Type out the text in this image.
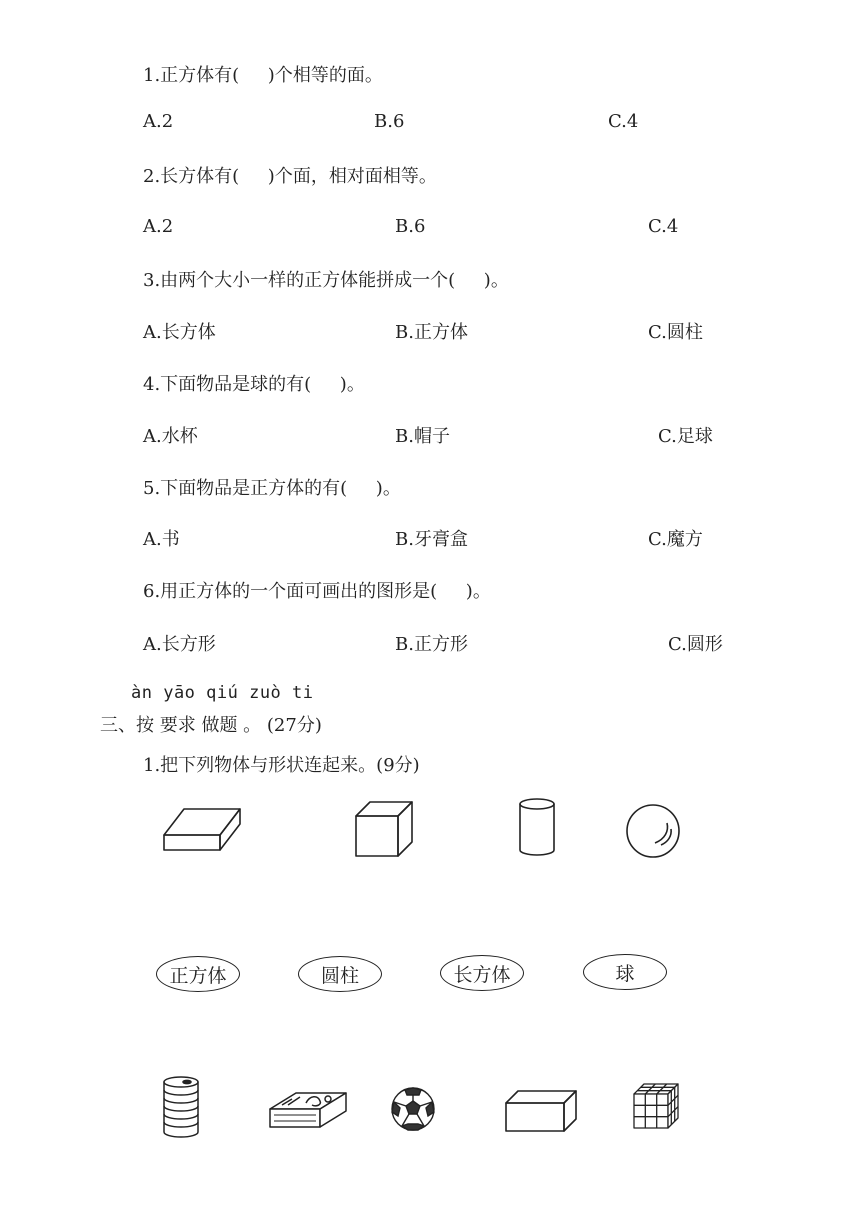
1.正方体有(     )个相等的面。
A.2	B.6	C.4
2.长方体有(     )个面，相对面相等。
A.2	B.6	C.4
3.由两个大小一样的正方体能拼成一个(     )。
A.长方体	B.正方体	C.圆柱
4.下面物品是球的有(     )。
A.水杯	B.帽子	C.足球
5.下面物品是正方体的有(     )。
A.书	B.牙膏盒	C.魔方
6.用正方体的一个面可画出的图形是(     )。
A.长方形	B.正方形	C.圆形
àn yāo qiú zuò ti
三、按 要求 做题 。 (27分)
1.把下列物体与形状连起来。(9分)
正方体	圆柱	长方体	球
